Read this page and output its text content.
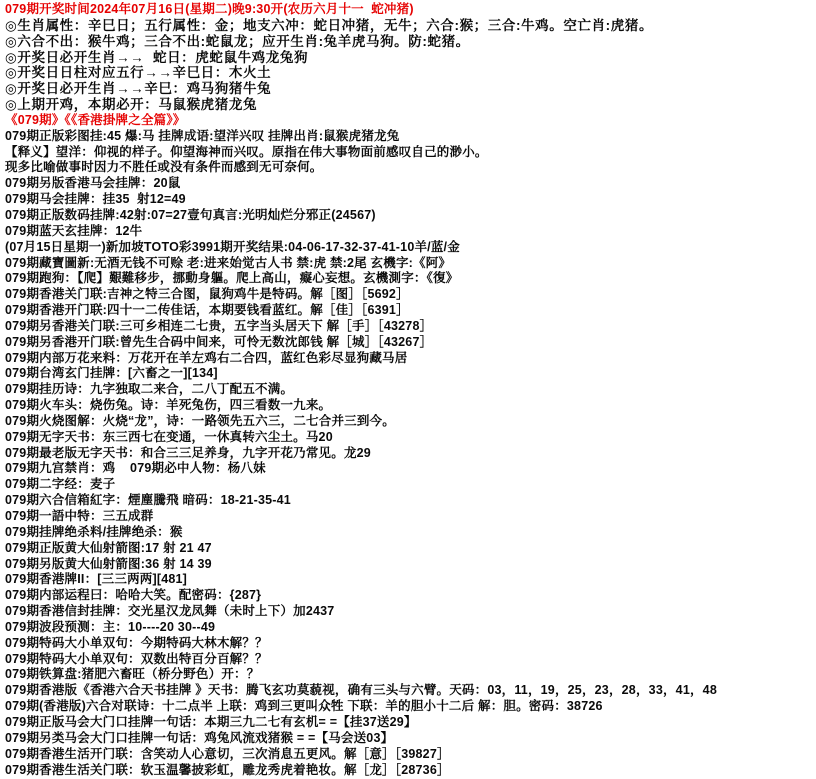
079期开奖时间2024年07月16日(星期二)晚9:30开(农历六月十一  蛇冲猪)
◎生肖属性：辛巳日；五行属性：金；地支六冲：蛇日冲猪，无牛；六合:猴；三合:牛鸡。空亡肖:虎猪。
◎六合不出：猴牛鸡；三合不出:蛇鼠龙；应开生肖:兔羊虎马狗。防:蛇猪。
◎开奖日必开生肖→→  蛇日：虎蛇鼠牛鸡龙兔狗
◎开奖日日柱对应五行→→辛巳日：木火土
◎开奖日必开生肖→→辛巳：鸡马狗猪牛兔
◎上期开鸡，本期必开：马鼠猴虎猪龙兔
《079期》《《香港掛牌之全篇》》
079期正版彩图挂:45 爆:马 挂牌成语:望洋兴叹 挂牌出肖:鼠猴虎猪龙兔
【释义】望洋：仰视的样子。仰望海神而兴叹。原指在伟大事物面前感叹自己的渺小。
现多比喻做事时因力不胜任或没有条件而感到无可奈何。
079期另版香港马会挂牌：20鼠
079期马会挂牌：挂35  射12=49
079期正版数码挂牌:42射:07=27壹句真言:光明灿烂分邪正(24567)
079期蓝天玄挂牌：12牛
(07月15日星期一)新加坡TOTO彩3991期开奖结果:04-06-17-32-37-41-10羊/蓝/金
079期藏寶圖新:无酒无钱不可赊 老:进来始觉古人书 禁:虎 禁:2尾 玄機字:《阿》
079期跑狗：【爬】艱難移步，挪動身軀。爬上高山，癡心妄想。玄機測字：《復》
079期香港关门联:吉神之特三合图，鼠狗鸡牛是特码。解［图］［5692］
079期香港开门联:四十一二传佳话，本期要钱看蓝红。解［佳］［6391］
079期另香港关门联:三可乡相连二七贵，五字当头居天下 解［手］［43278］
079期另香港开门联:曾先生合码中间来，可怜无数沈郎钱 解［城］［43267］
079期内部万花来料：万花开在羊左鸡右二合四，蓝红色彩尽显狗藏马居
079期台湾玄门挂牌：[六畜之一][134]
079期挂历诗：九字独取二来合，二八丁配五不满。
079期火车头：烧伤兔。诗：羊死兔伤，四三看数一九来。
079期火烧图解：火烧“龙”，诗：一路领先五六三，二七合并三到今。
079期无字天书：东三西七在变通，一休真转六尘土。马20
079期最老版无字天书：和合三三足养身，九字开花乃常见。龙29
079期九宫禁肖：鸡    079期必中人物：杨八妹
079期二字经：麦子
079期六合信箱紅字：煙塵騰飛 暗码：18-21-35-41
079期一語中特：三五成群
079期挂牌绝杀料/挂牌绝杀：猴
079期正版黄大仙射箭图:17 射 21 47
079期另版黄大仙射箭图:36 射 14 39
079期香港牌II：[三三两两][481]
079期内部运程曰：哈哈大笑。配密码：{287}
079期香港信封挂牌：交光星汉龙凤舞（未时上下）加2437
079期波段预测：主：10----20 30--49
079期特码大小单双句：今期特码大林木解？？
079期特码大小单双句：双数出特百分百解？？
079期铁算盘:猪肥六畜旺（桥分野色）开：？
079期香港版《香港六合天书挂牌 》天书：腾飞玄功莫藐视，确有三头与六臂。天码：03，11，19，25，23，28，33，41，48
079期(香港版)六合对联诗：十二点半 上联：鸡到三更叫众牲 下联：羊的胆小十二后 解：胆。密码：38726
079期正版马会大门口挂牌一句话：本期三九二七有玄机= =【挂37送29】
079期另类马会大门口挂牌一句话：鸡兔风流戏猪猴 = =【马会送03】
079期香港生活开门联：含笑动人心意切，三次消息五更风。解［意］［39827］
079期香港生活关门联：软玉温馨披彩虹，雕龙秀虎着艳妆。解［龙］［28736］
